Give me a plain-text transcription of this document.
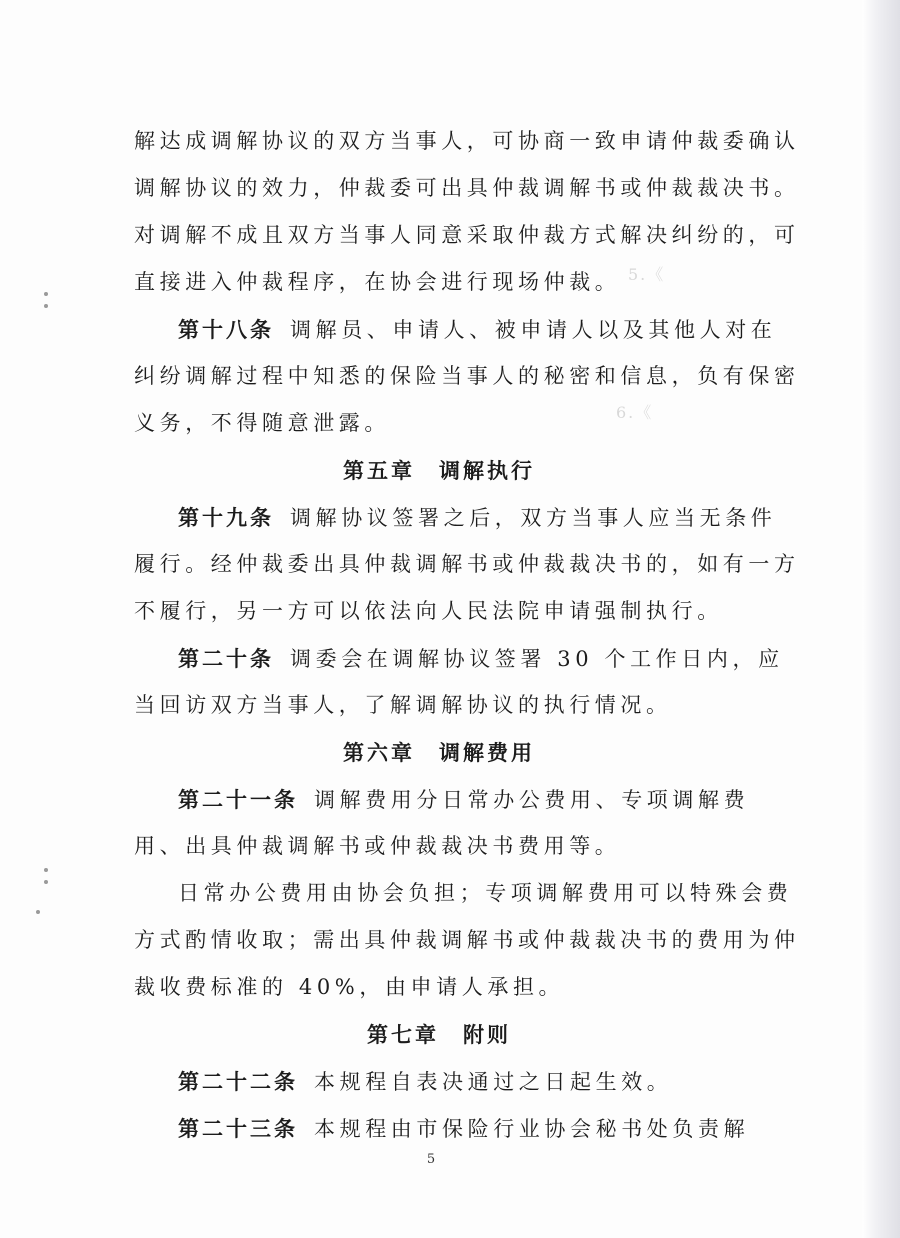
5.《
6.《
解达成调解协议的双方当事人，可协商一致申请仲裁委确认
调解协议的效力，仲裁委可出具仲裁调解书或仲裁裁决书。
对调解不成且双方当事人同意采取仲裁方式解决纠纷的，可
直接进入仲裁程序，在协会进行现场仲裁。
第十八条 调解员、申请人、被申请人以及其他人对在
纠纷调解过程中知悉的保险当事人的秘密和信息，负有保密
义务，不得随意泄露。
第五章 调解执行
第十九条 调解协议签署之后，双方当事人应当无条件
履行。经仲裁委出具仲裁调解书或仲裁裁决书的，如有一方
不履行，另一方可以依法向人民法院申请强制执行。
第二十条 调委会在调解协议签署 30 个工作日内，应
当回访双方当事人，了解调解协议的执行情况。
第六章 调解费用
第二十一条 调解费用分日常办公费用、专项调解费
用、出具仲裁调解书或仲裁裁决书费用等。
日常办公费用由协会负担；专项调解费用可以特殊会费
方式酌情收取；需出具仲裁调解书或仲裁裁决书的费用为仲
裁收费标准的 40%，由申请人承担。
第七章 附则
第二十二条 本规程自表决通过之日起生效。
第二十三条 本规程由市保险行业协会秘书处负责解
5
